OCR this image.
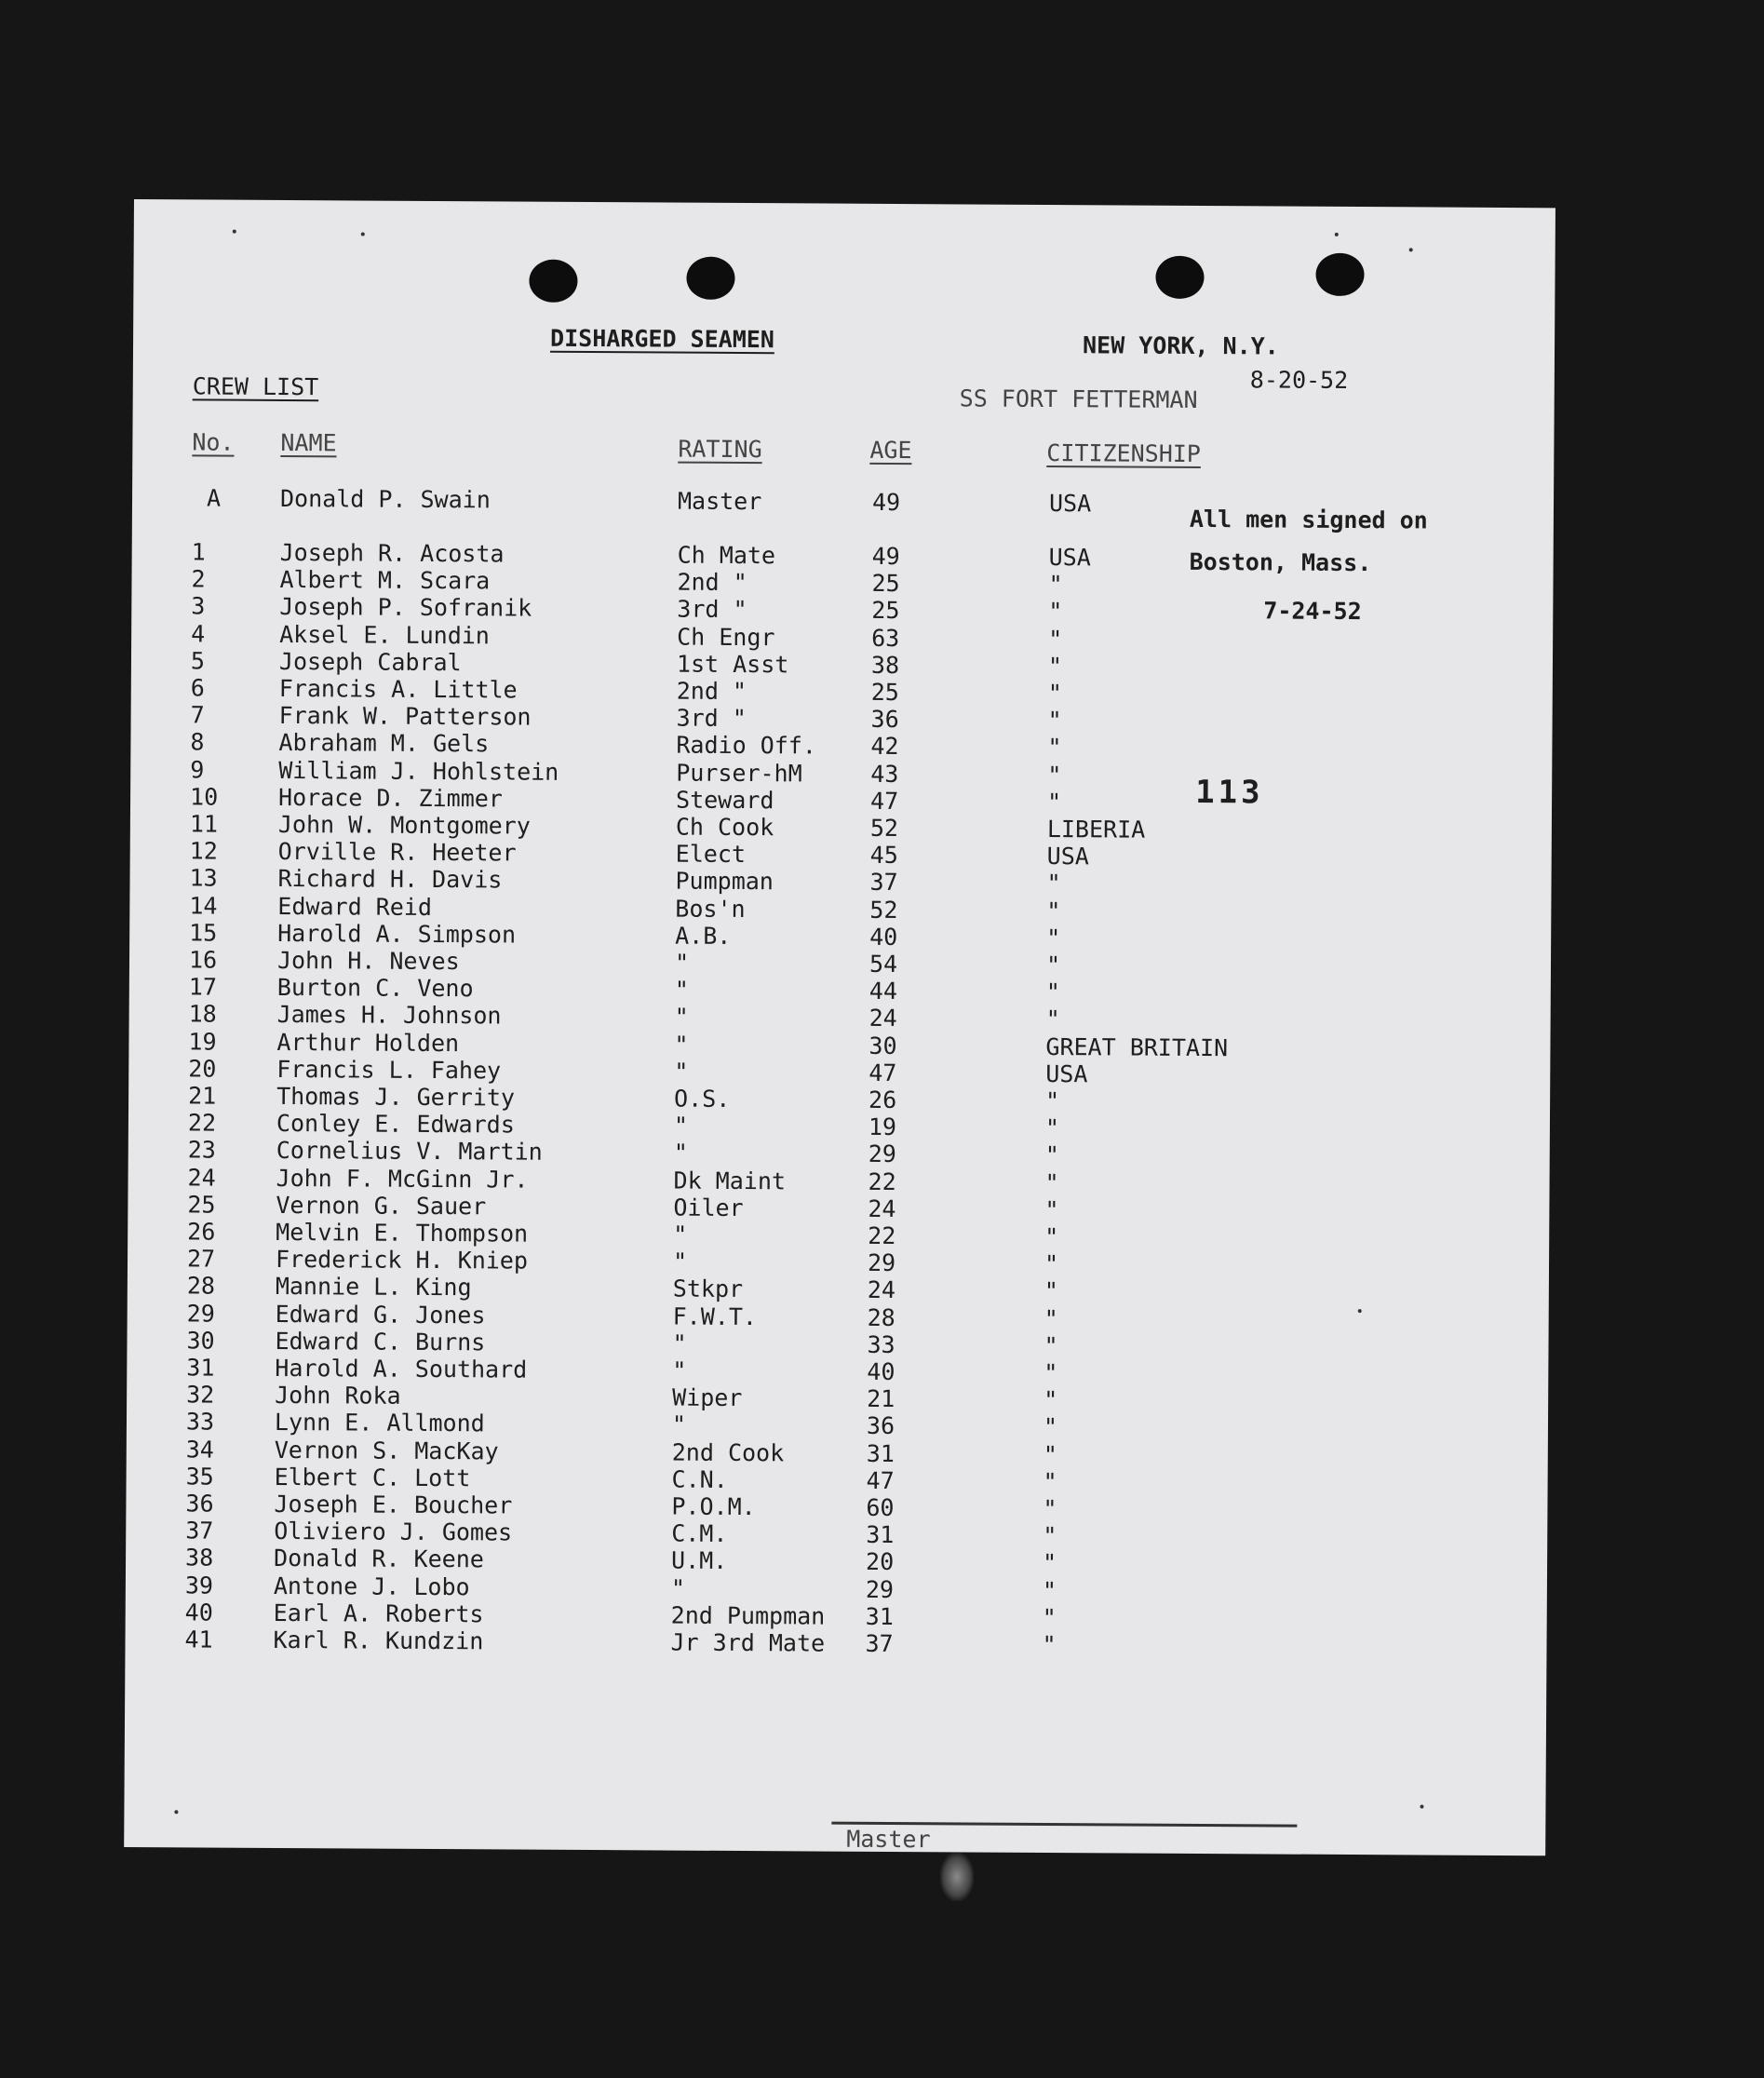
DISHARGED SEAMEN	NEW YORK, N.Y.
8-20-52
CREW LIST	SS FORT FETTERMAN
No. NAME	RATING	AGE	CITIZENSHIP
A	Donald P. Swain	Master	49	USA
All men signed on
Boston, Mass.
7-24-52
113
1	Joseph R. Acosta	Ch Mate	49	USA
2	Albert M. Scara	2nd "	25	"
3	Joseph P. Sofranik	3rd "	25	"
4	Aksel E. Lundin	Ch Engr	63	"
5	Joseph Cabral	1st Asst	38	"
6	Francis A. Little	2nd "	25	"
7	Frank W. Patterson	3rd "	36	"
8	Abraham M. Gels	Radio Off. 42	"
9	William J. Hohlstein	Purser-hM	43	"
10	Horace D. Zimmer	Steward	47	"
11	John W. Montgomery	Ch Cook	52	LIBERIA
12	Orville R. Heeter	Elect	45	USA
13	Richard H. Davis	Pumpman	37	"
14	Edward Reid	Bos'n	52	"
15	Harold A. Simpson	A.B.	40	"
16	John H. Neves	"	54	"
17	Burton C. Veno	"	44	"
18	James H. Johnson	"	24	"
19	Arthur Holden	"	30	GREAT BRITAIN
20	Francis L. Fahey	"	47	USA
21	Thomas J. Gerrity	O.S.	26	"
22	Conley E. Edwards	"	19	"
23	Cornelius V. Martin	"	29	"
24	John F. McGinn Jr.	Dk Maint	22	"
25	Vernon G. Sauer	Oiler	24	"
26	Melvin E. Thompson	"	22	"
27	Frederick H. Kniep	"	29	"
28	Mannie L. King	Stkpr	24	"
29	Edward G. Jones	F.W.T.	28	"
30	Edward C. Burns	"	33	"
31	Harold A. Southard	"	40	"
32	John Roka	Wiper	21	"
33	Lynn E. Allmond	"	36	"
34	Vernon S. MacKay	2nd Cook	31	"
35	Elbert C. Lott	C.N.	47	"
36	Joseph E. Boucher	P.O.M.	60	"
37	Oliviero J. Gomes	C.M.	31	"
38	Donald R. Keene	U.M.	20	"
39	Antone J. Lobo	"	29	"
40	Earl A. Roberts	2nd Pumpman 31	"
41	Karl R. Kundzin	Jr 3rd Mate 37	"
Master
